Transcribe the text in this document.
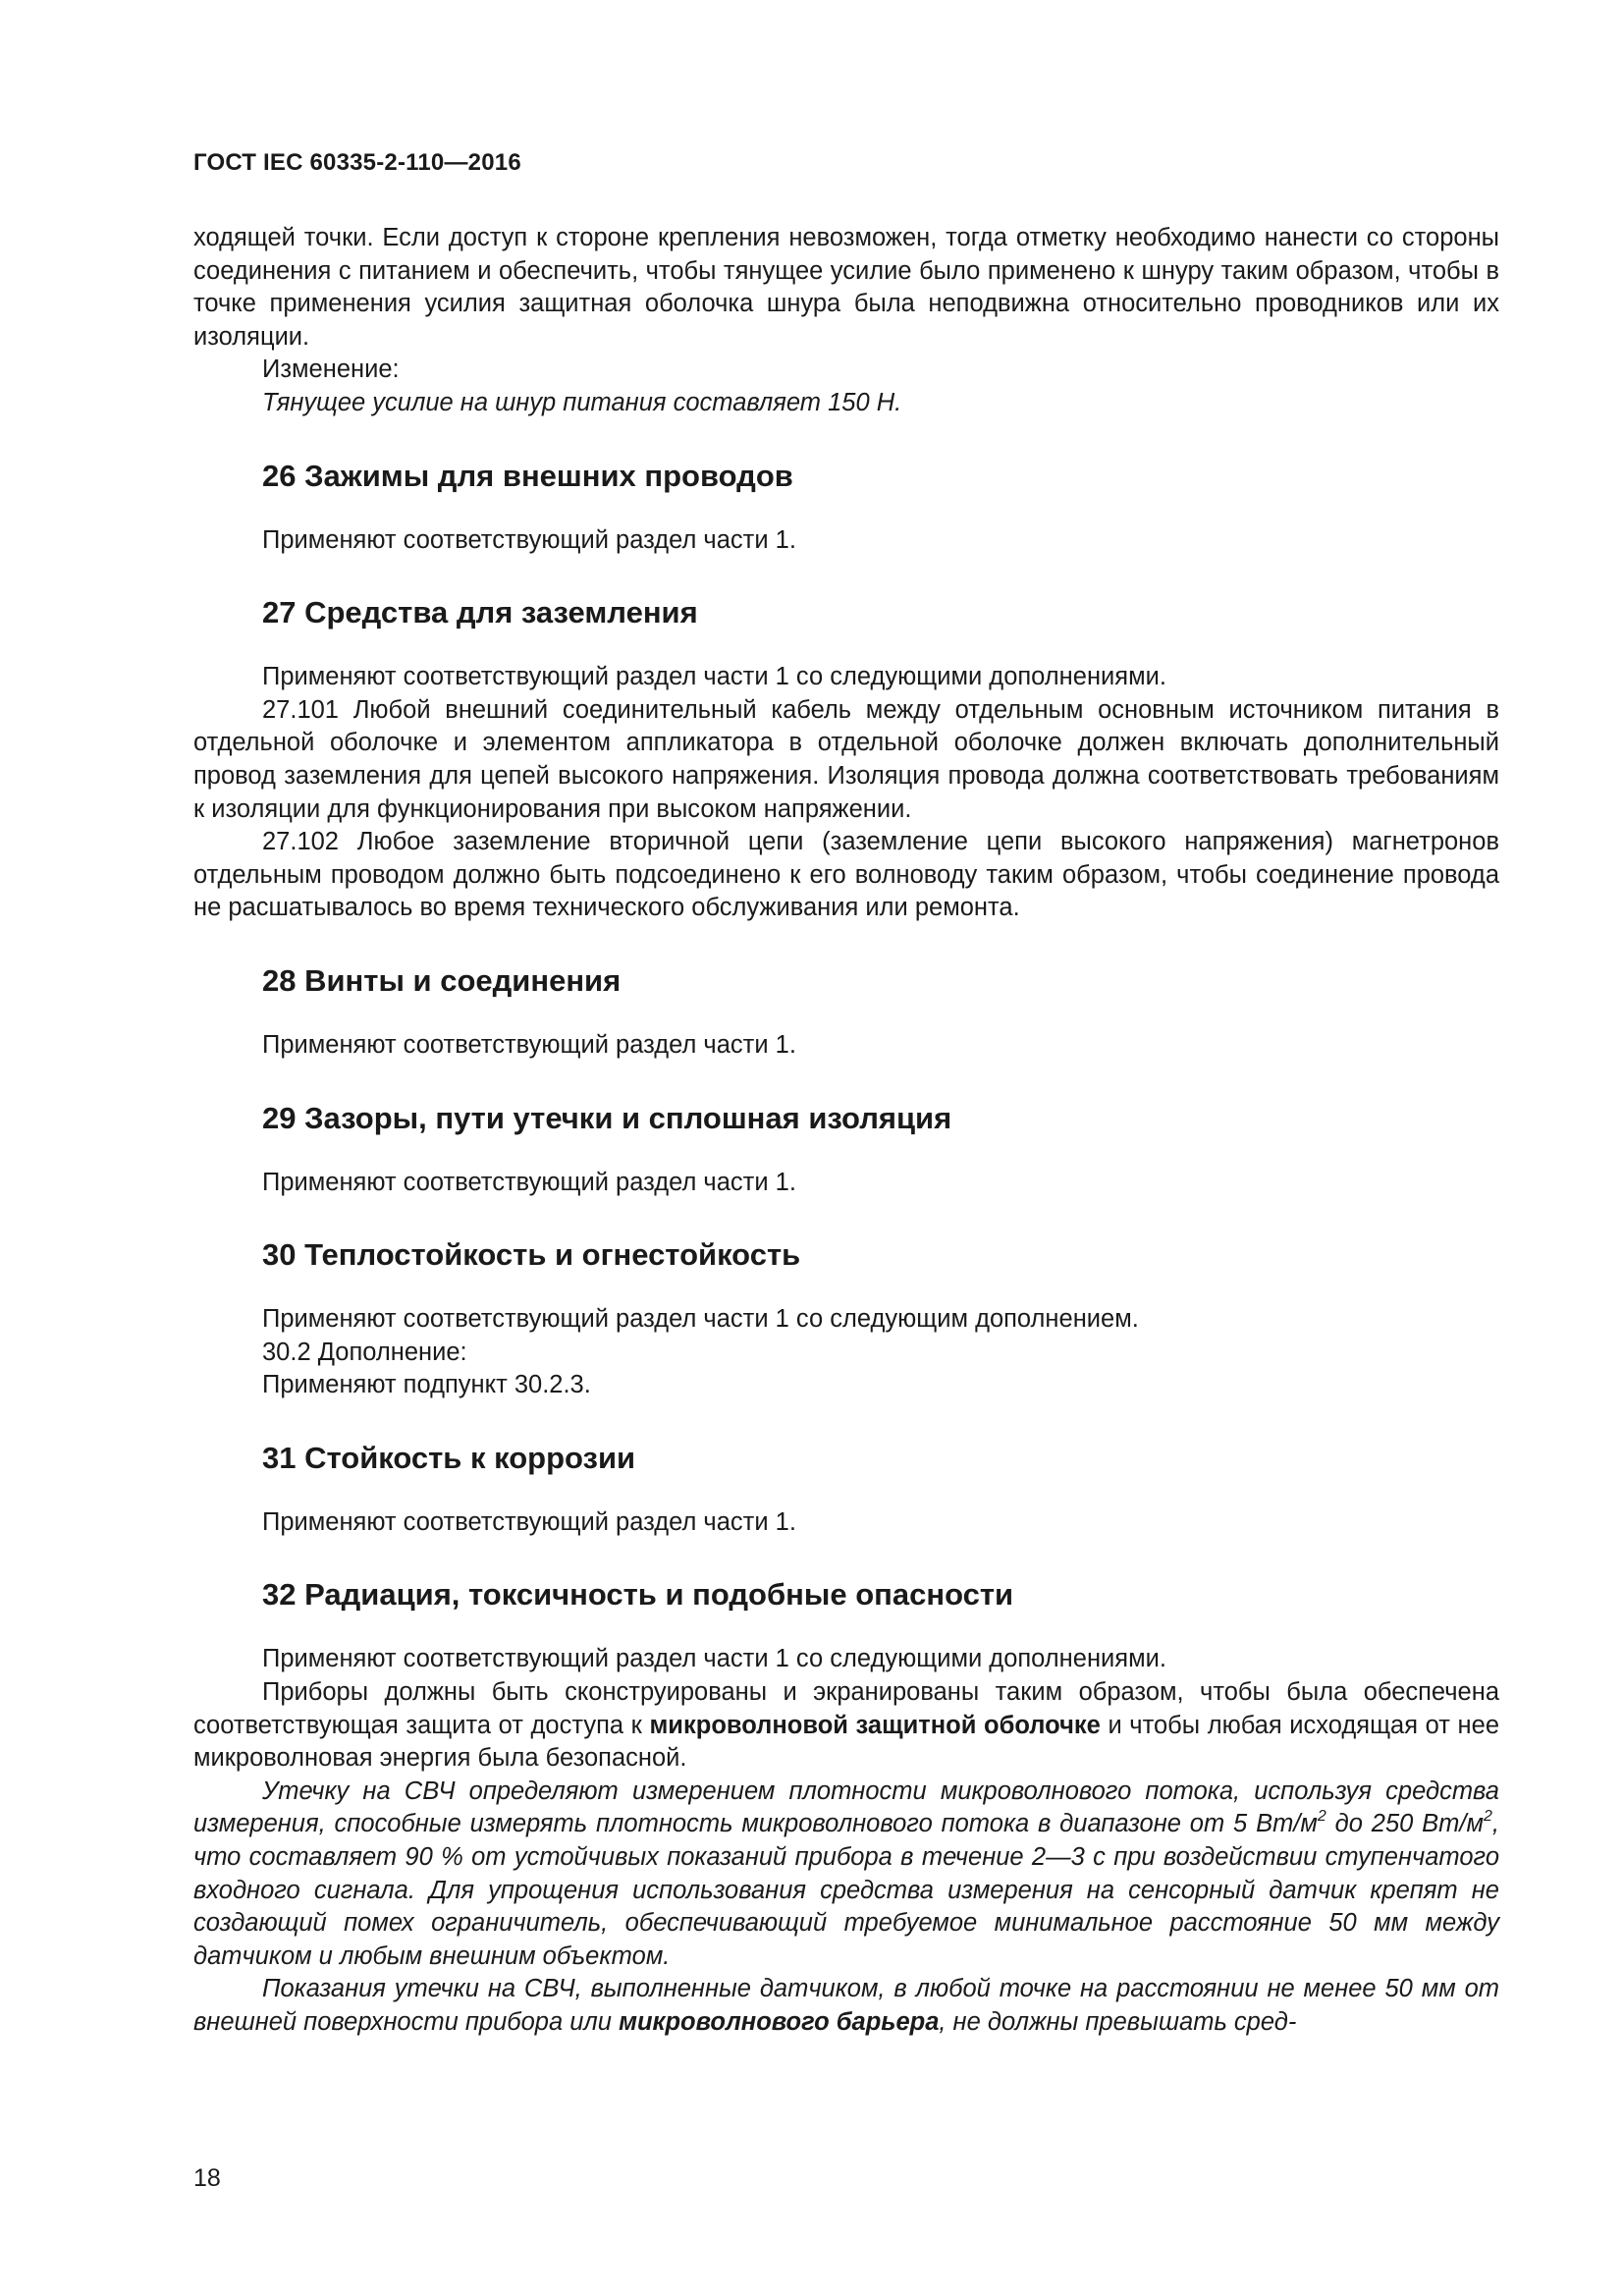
ГОСТ IEC 60335-2-110—2016

ходящей точки. Если доступ к стороне крепления невозможен, тогда отметку необходимо нанести со стороны соединения с питанием и обеспечить, чтобы тянущее усилие было применено к шнуру таким образом, чтобы в точке применения усилия защитная оболочка шнура была неподвижна относительно проводников или их изоляции.

Изменение:

Тянущее усилие на шнур питания составляет 150 Н.

26 Зажимы для внешних проводов

Применяют соответствующий раздел части 1.

27 Средства для заземления

Применяют соответствующий раздел части 1 со следующими дополнениями.

27.101 Любой внешний соединительный кабель между отдельным основным источником питания в отдельной оболочке и элементом аппликатора в отдельной оболочке должен включать дополнительный провод заземления для цепей высокого напряжения. Изоляция провода должна соответствовать требованиям к изоляции для функционирования при высоком напряжении.

27.102 Любое заземление вторичной цепи (заземление цепи высокого напряжения) магнетронов отдельным проводом должно быть подсоединено к его волноводу таким образом, чтобы соединение провода не расшатывалось во время технического обслуживания или ремонта.

28 Винты и соединения

Применяют соответствующий раздел части 1.

29 Зазоры, пути утечки и сплошная изоляция

Применяют соответствующий раздел части 1.

30 Теплостойкость и огнестойкость

Применяют соответствующий раздел части 1 со следующим дополнением.

30.2 Дополнение:

Применяют подпункт 30.2.3.

31 Стойкость к коррозии

Применяют соответствующий раздел части 1.

32 Радиация, токсичность и подобные опасности

Применяют соответствующий раздел части 1 со следующими дополнениями.

Приборы должны быть сконструированы и экранированы таким образом, чтобы была обеспечена соответствующая защита от доступа к микроволновой защитной оболочке и чтобы любая исходящая от нее микроволновая энергия была безопасной.

Утечку на СВЧ определяют измерением плотности микроволнового потока, используя средства измерения, способные измерять плотность микроволнового потока в диапазоне от 5 $Вт/м^2$ до 250 $Вт/м^2$, что составляет 90 % от устойчивых показаний прибора в течение 2—3 с при воздействии ступенчатого входного сигнала. Для упрощения использования средства измерения на сенсорный датчик крепят не создающий помех ограничитель, обеспечивающий требуемое минимальное расстояние 50 мм между датчиком и любым внешним объектом.

Показания утечки на СВЧ, выполненные датчиком, в любой точке на расстоянии не менее 50 мм от внешней поверхности прибора или микроволнового барьера, не должны превышать сред-

18
